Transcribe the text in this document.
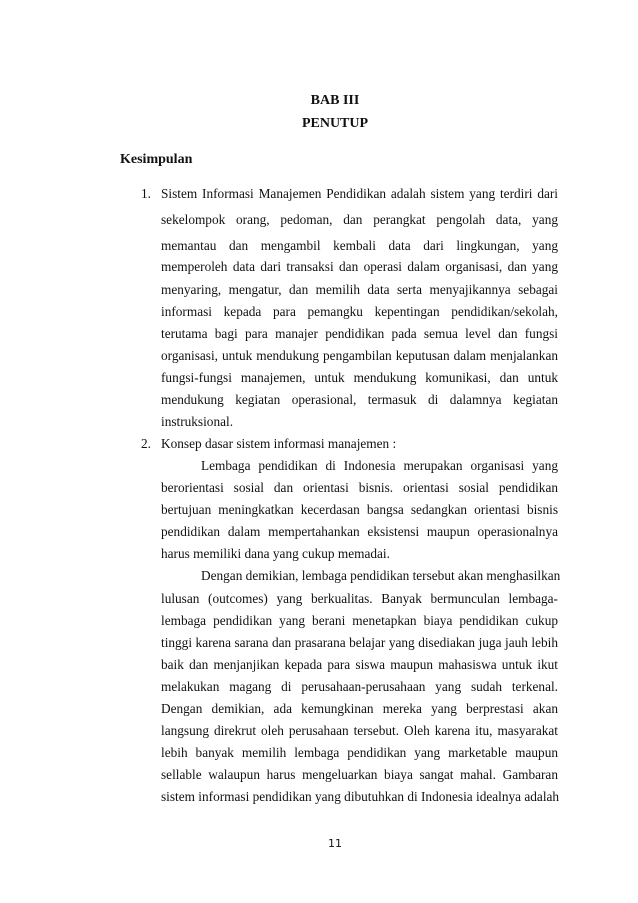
BAB III
PENUTUP
Kesimpulan
1. Sistem Informasi Manajemen Pendidikan adalah sistem yang terdiri dari
sekelompok orang, pedoman, dan perangkat pengolah data, yang
memantau dan mengambil kembali data dari lingkungan, yang
memperoleh data dari transaksi dan operasi dalam organisasi, dan yang
menyaring, mengatur, dan memilih data serta menyajikannya sebagai
informasi kepada para pemangku kepentingan pendidikan/sekolah,
terutama bagi para manajer pendidikan pada semua level dan fungsi
organisasi, untuk mendukung pengambilan keputusan dalam menjalankan
fungsi-fungsi manajemen, untuk mendukung komunikasi, dan untuk
mendukung kegiatan operasional, termasuk di dalamnya kegiatan
instruksional.
2. Konsep dasar sistem informasi manajemen :
Lembaga pendidikan di Indonesia merupakan organisasi yang
berorientasi sosial dan orientasi bisnis. orientasi sosial pendidikan
bertujuan meningkatkan kecerdasan bangsa sedangkan orientasi bisnis
pendidikan dalam mempertahankan eksistensi maupun operasionalnya
harus memiliki dana yang cukup memadai.
Dengan demikian, lembaga pendidikan tersebut akan menghasilkan
lulusan (outcomes) yang berkualitas. Banyak bermunculan lembaga-
lembaga pendidikan yang berani menetapkan biaya pendidikan cukup
tinggi karena sarana dan prasarana belajar yang disediakan juga jauh lebih
baik dan menjanjikan kepada para siswa maupun mahasiswa untuk ikut
melakukan magang di perusahaan-perusahaan yang sudah terkenal.
Dengan demikian, ada kemungkinan mereka yang berprestasi akan
langsung direkrut oleh perusahaan tersebut. Oleh karena itu, masyarakat
lebih banyak memilih lembaga pendidikan yang marketable maupun
sellable walaupun harus mengeluarkan biaya sangat mahal. Gambaran
sistem informasi pendidikan yang dibutuhkan di Indonesia idealnya adalah
11
